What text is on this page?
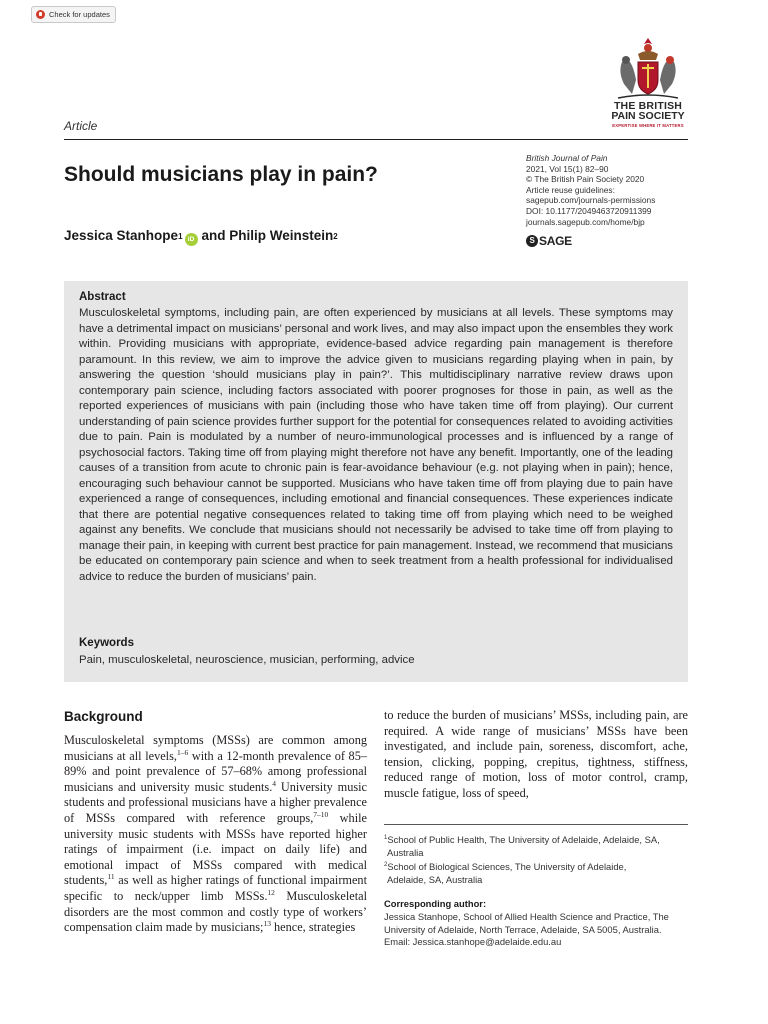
Check for updates
THE BRITISH
PAIN SOCIETY
EXPERTISE WHERE IT MATTERS
Article
Should musicians play in pain?
Jessica Stanhope$^1$ iD and Philip Weinstein$^2$
British Journal of Pain
2021, Vol 15(1) 82–90
© The British Pain Society 2020
Article reuse guidelines:
sagepub.com/journals-permissions
DOI: 10.1177/2049463720911399
journals.sagepub.com/home/bjp
S SAGE
Abstract
Musculoskeletal symptoms, including pain, are often experienced by musicians at all levels. These symptoms may have a detrimental impact on musicians’ personal and work lives, and may also impact upon the ensembles they work within. Providing musicians with appropriate, evidence-based advice regarding pain management is therefore paramount. In this review, we aim to improve the advice given to musicians regarding playing when in pain, by answering the question ‘should musicians play in pain?’. This multidisciplinary narrative review draws upon contemporary pain science, including factors associated with poorer prognoses for those in pain, as well as the reported experiences of musicians with pain (including those who have taken time off from playing). Our current understanding of pain science provides further support for the potential for consequences related to avoiding activities due to pain. Pain is modulated by a number of neuro-immunological processes and is influenced by a range of psychosocial factors. Taking time off from playing might therefore not have any benefit. Importantly, one of the leading causes of a transition from acute to chronic pain is fear-avoidance behaviour (e.g. not playing when in pain); hence, encouraging such behaviour cannot be supported. Musicians who have taken time off from playing due to pain have experienced a range of consequences, including emotional and financial consequences. These experiences indicate that there are potential negative consequences related to taking time off from playing which need to be weighed against any benefits. We conclude that musicians should not necessarily be advised to take time off from playing to manage their pain, in keeping with current best practice for pain management. Instead, we recommend that musicians be educated on contemporary pain science and when to seek treatment from a health professional for individualised advice to reduce the burden of musicians’ pain.
Keywords
Pain, musculoskeletal, neuroscience, musician, performing, advice
Background
Musculoskeletal symptoms (MSSs) are common among musicians at all levels,$^{1-6}$ with a 12-month prevalence of 85–89% and point prevalence of 57–68% among professional musicians and university music students.$^4$ University music students and professional musicians have a higher prevalence of MSSs compared with reference groups,$^{7-10}$ while university music students with MSSs have reported higher ratings of impairment (i.e. impact on daily life) and emotional impact of MSSs compared with medical students,$^{11}$ as well as higher ratings of functional impairment specific to neck/upper limb MSSs.$^{12}$ Musculoskeletal disorders are the most common and costly type of workers’ compensation claim made by musicians;$^{13}$ hence, strategies
to reduce the burden of musicians’ MSSs, including pain, are required. A wide range of musicians’ MSSs have been investigated, and include pain, soreness, discomfort, ache, tension, clicking, popping, crepitus, tightness, stiffness, reduced range of motion, loss of motor control, cramp, muscle fatigue, loss of speed,
$^1$School of Public Health, The University of Adelaide, Adelaide, SA,
Australia
$^2$School of Biological Sciences, The University of Adelaide,
Adelaide, SA, Australia
Corresponding author:
Jessica Stanhope, School of Allied Health Science and Practice, The
University of Adelaide, North Terrace, Adelaide, SA 5005, Australia.
Email: Jessica.stanhope@adelaide.edu.au
